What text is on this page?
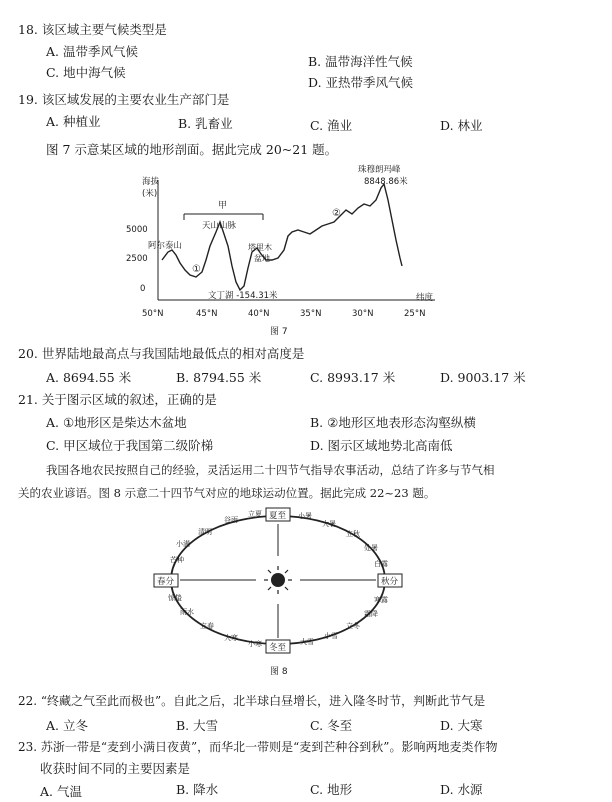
18. 该区域主要气候类型是
A. 温带季风气候
B. 温带海洋性气候
C. 地中海气候
D. 亚热带季风气候
19. 该区域发展的主要农业生产部门是
A. 种植业	B. 乳畜业	C. 渔业	D. 林业
图 7 示意某区域的地形剖面。据此完成 20~21 题。
海拔
(米)
5000
2500
0
甲
天山山脉
阿尔泰山
①
塔里木
盆地
②
珠穆朗玛峰
8848.86米
文丁湖 -154.31米	纬度
50°N	45°N	40°N	35°N	30°N	25°N
图 7
20. 世界陆地最高点与我国陆地最低点的相对高度是
A. 8694.55 米	B. 8794.55 米	C. 8993.17 米	D. 9003.17 米
21. 关于图示区域的叙述，正确的是
A. ①地形区是柴达木盆地	B. ②地形区地表形态沟壑纵横
C. 甲区域位于我国第二级阶梯	D. 图示区域地势北高南低
我国各地农民按照自己的经验，灵活运用二十四节气指导农事活动，总结了许多与节气相
关的农业谚语。图 8 示意二十四节气对应的地球运动位置。据此完成 22~23 题。
夏至
冬至
春分	秋分
清明
谷雨
立夏
小满
芒种
小暑
大暑
立秋
处暑
白露
寒露
霜降
立冬
小雪
大雪
小寒
大寒
立春
雨水
惊蛰
图 8
22. “终藏之气至此而极也”。自此之后，北半球白昼增长，进入隆冬时节，判断此节气是
A. 立冬	B. 大雪	C. 冬至	D. 大寒
23. 苏浙一带是“麦到小满日夜黄”，而华北一带则是“麦到芒种谷到秋”。影响两地麦类作物
收获时间不同的主要因素是
A. 气温	B. 降水	C. 地形	D. 水源
